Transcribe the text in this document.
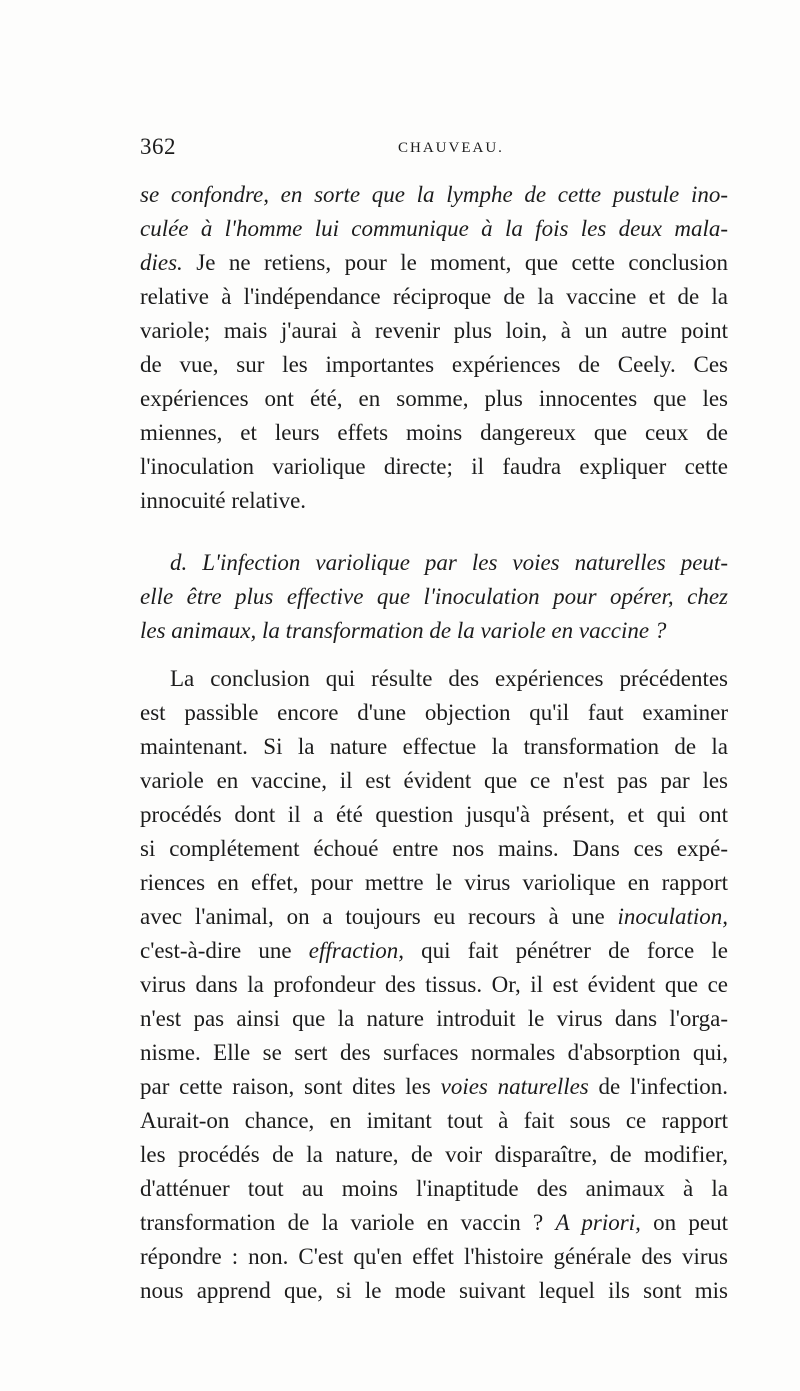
362	CHAUVEAU.
se confondre, en sorte que la lymphe de cette pustule ino-
culée à l'homme lui communique à la fois les deux mala-
dies. Je ne retiens, pour le moment, que cette conclusion
relative à l'indépendance réciproque de la vaccine et de la
variole; mais j'aurai à revenir plus loin, à un autre point
de vue, sur les importantes expériences de Ceely. Ces
expériences ont été, en somme, plus innocentes que les
miennes, et leurs effets moins dangereux que ceux de
l'inoculation variolique directe; il faudra expliquer cette
innocuité relative.
d. L'infection variolique par les voies naturelles peut-
elle être plus effective que l'inoculation pour opérer, chez
les animaux, la transformation de la variole en vaccine ?
La conclusion qui résulte des expériences précédentes
est passible encore d'une objection qu'il faut examiner
maintenant. Si la nature effectue la transformation de la
variole en vaccine, il est évident que ce n'est pas par les
procédés dont il a été question jusqu'à présent, et qui ont
si complétement échoué entre nos mains. Dans ces expé-
riences en effet, pour mettre le virus variolique en rapport
avec l'animal, on a toujours eu recours à une inoculation,
c'est-à-dire une effraction, qui fait pénétrer de force le
virus dans la profondeur des tissus. Or, il est évident que ce
n'est pas ainsi que la nature introduit le virus dans l'orga-
nisme. Elle se sert des surfaces normales d'absorption qui,
par cette raison, sont dites les voies naturelles de l'infection.
Aurait-on chance, en imitant tout à fait sous ce rapport
les procédés de la nature, de voir disparaître, de modifier,
d'atténuer tout au moins l'inaptitude des animaux à la
transformation de la variole en vaccin ? A priori, on peut
répondre : non. C'est qu'en effet l'histoire générale des virus
nous apprend que, si le mode suivant lequel ils sont mis
